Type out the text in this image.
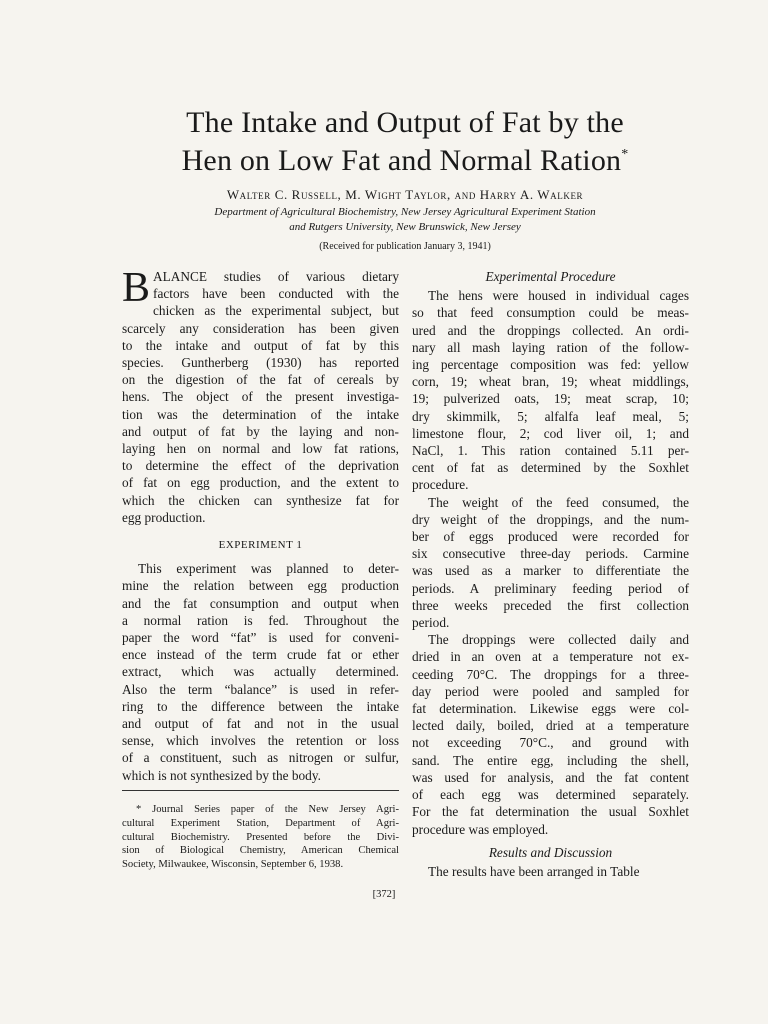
The Intake and Output of Fat by the
Hen on Low Fat and Normal Ration*
Walter C. Russell, M. Wight Taylor, and Harry A. Walker
Department of Agricultural Biochemistry, New Jersey Agricultural Experiment Station
and Rutgers University, New Brunswick, New Jersey
(Received for publication January 3, 1941)
B ALANCE studies of various dietary
factors have been conducted with the
chicken as the experimental subject, but
scarcely any consideration has been given
to the intake and output of fat by this
species. Guntherberg (1930) has reported
on the digestion of the fat of cereals by
hens. The object of the present investiga-
tion was the determination of the intake
and output of fat by the laying and non-
laying hen on normal and low fat rations,
to determine the effect of the deprivation
of fat on egg production, and the extent to
which the chicken can synthesize fat for
egg production.
EXPERIMENT 1
This experiment was planned to deter-
mine the relation between egg production
and the fat consumption and output when
a normal ration is fed. Throughout the
paper the word “fat” is used for conveni-
ence instead of the term crude fat or ether
extract, which was actually determined.
Also the term “balance” is used in refer-
ring to the difference between the intake
and output of fat and not in the usual
sense, which involves the retention or loss
of a constituent, such as nitrogen or sulfur,
which is not synthesized by the body.
* Journal Series paper of the New Jersey Agri-
cultural Experiment Station, Department of Agri-
cultural Biochemistry. Presented before the Divi-
sion of Biological Chemistry, American Chemical
Society, Milwaukee, Wisconsin, September 6, 1938.
Experimental Procedure
The hens were housed in individual cages
so that feed consumption could be meas-
ured and the droppings collected. An ordi-
nary all mash laying ration of the follow-
ing percentage composition was fed: yellow
corn, 19; wheat bran, 19; wheat middlings,
19; pulverized oats, 19; meat scrap, 10;
dry skimmilk, 5; alfalfa leaf meal, 5;
limestone flour, 2; cod liver oil, 1; and
NaCl, 1. This ration contained 5.11 per-
cent of fat as determined by the Soxhlet
procedure.
The weight of the feed consumed, the
dry weight of the droppings, and the num-
ber of eggs produced were recorded for
six consecutive three-day periods. Carmine
was used as a marker to differentiate the
periods. A preliminary feeding period of
three weeks preceded the first collection
period.
The droppings were collected daily and
dried in an oven at a temperature not ex-
ceeding 70°C. The droppings for a three-
day period were pooled and sampled for
fat determination. Likewise eggs were col-
lected daily, boiled, dried at a temperature
not exceeding 70°C., and ground with
sand. The entire egg, including the shell,
was used for analysis, and the fat content
of each egg was determined separately.
For the fat determination the usual Soxhlet
procedure was employed.
Results and Discussion
The results have been arranged in Table
[372]
